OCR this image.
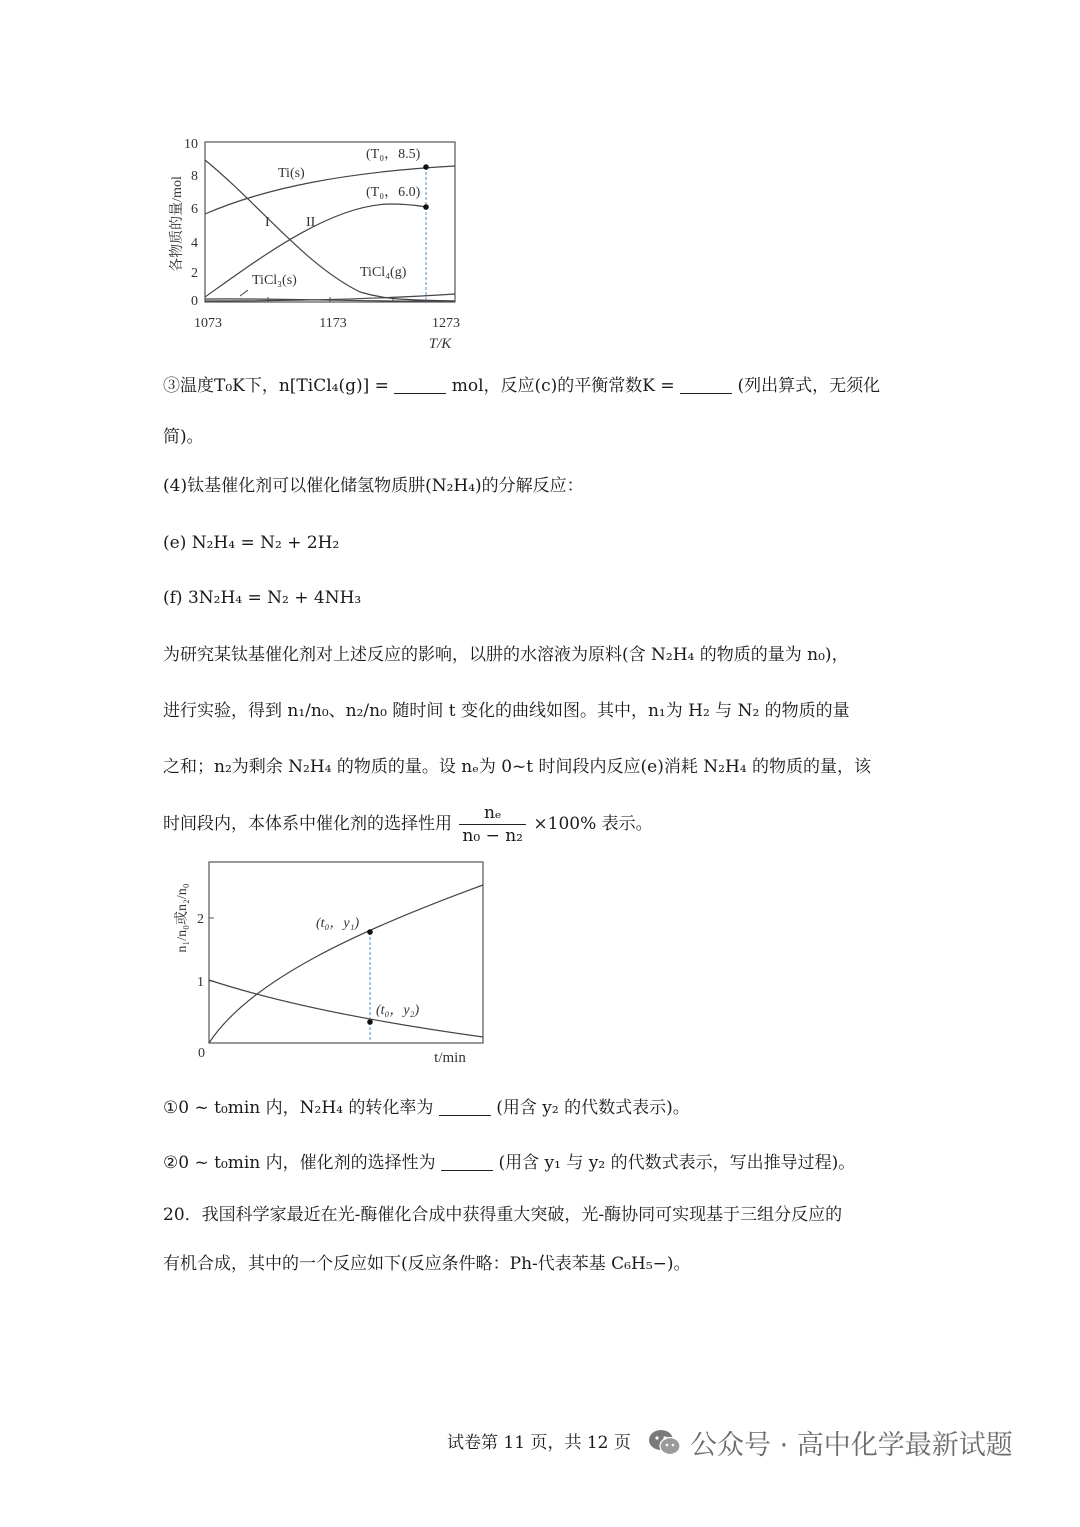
0
2
4
6
8
10
1073	1173	1273
T/K
各物质的量/mol
Ti(s)
I	II
TiCl₃(s)
TiCl₄(g)
(T₀，8.5)
(T₀，6.0)
③温度T₀K下，n[TiCl₄(g)] =	mol，反应(c)的平衡常数K =	(列出算式，无须化
简)。
(4)钛基催化剂可以催化储氢物质肼(N₂H₄)的分解反应：
(e) N₂H₄ = N₂ + 2H₂
(f) 3N₂H₄ = N₂ + 4NH₃
为研究某钛基催化剂对上述反应的影响，以肼的水溶液为原料(含 N₂H₄ 的物质的量为 n₀)，
进行实验，得到 n₁/n₀、n₂/n₀ 随时间 t 变化的曲线如图。其中，n₁为 H₂ 与 N₂ 的物质的量
之和；n₂为剩余 N₂H₄ 的物质的量。设 nₑ为 0~t 时间段内反应(e)消耗 N₂H₄ 的物质的量，该
时间段内，本体系中催化剂的选择性用 $\frac{\text{nₑ}}{\text{n₀ − n₂}} \times 100\%$ 表示。
0
1
2
n₁/n₀或n₂/n₀
t/min
(t₀，y₁)
(t₀，y₂)
①0 ~ t₀min 内，N₂H₄ 的转化率为	(用含 y₂ 的代数式表示)。
②0 ~ t₀min 内，催化剂的选择性为	(用含 y₁ 与 y₂ 的代数式表示，写出推导过程)。
20．我国科学家最近在光-酶催化合成中获得重大突破，光-酶协同可实现基于三组分反应的
有机合成，其中的一个反应如下(反应条件略：Ph-代表苯基 C₆H₅−)。
试卷第 11 页，共 12 页 公众号 · 高中化学最新试题
